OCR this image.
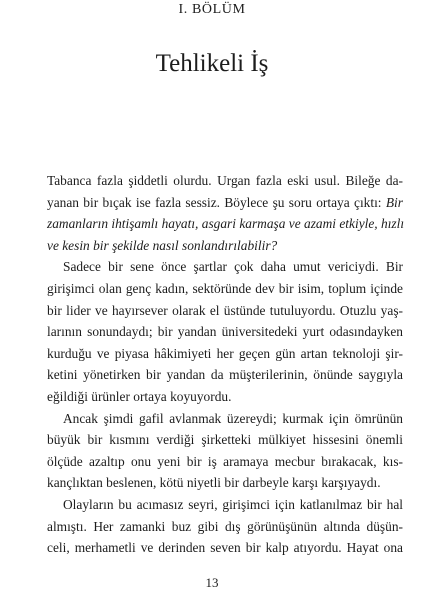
I. BÖLÜM
Tehlikeli İş
Tabanca fazla şiddetli olurdu. Urgan fazla eski usul. Bileğe da-
yanan bir bıçak ise fazla sessiz. Böylece şu soru ortaya çıktı: Bir
zamanların ihtişamlı hayatı, asgari karmaşa ve azami etkiyle, hızlı
ve kesin bir şekilde nasıl sonlandırılabilir?
Sadece bir sene önce şartlar çok daha umut vericiydi. Bir
girişimci olan genç kadın, sektöründe dev bir isim, toplum içinde
bir lider ve hayırsever olarak el üstünde tutuluyordu. Otuzlu yaş-
larının sonundaydı; bir yandan üniversitedeki yurt odasındayken
kurduğu ve piyasa hâkimiyeti her geçen gün artan teknoloji şir-
ketini yönetirken bir yandan da müşterilerinin, önünde saygıyla
eğildiği ürünler ortaya koyuyordu.
Ancak şimdi gafil avlanmak üzereydi; kurmak için ömrünün
büyük bir kısmını verdiği şirketteki mülkiyet hissesini önemli
ölçüde azaltıp onu yeni bir iş aramaya mecbur bırakacak, kıs-
kançlıktan beslenen, kötü niyetli bir darbeyle karşı karşıyaydı.
Olayların bu acımasız seyri, girişimci için katlanılmaz bir hal
almıştı. Her zamanki buz gibi dış görünüşünün altında düşün-
celi, merhametli ve derinden seven bir kalp atıyordu. Hayat ona
13
